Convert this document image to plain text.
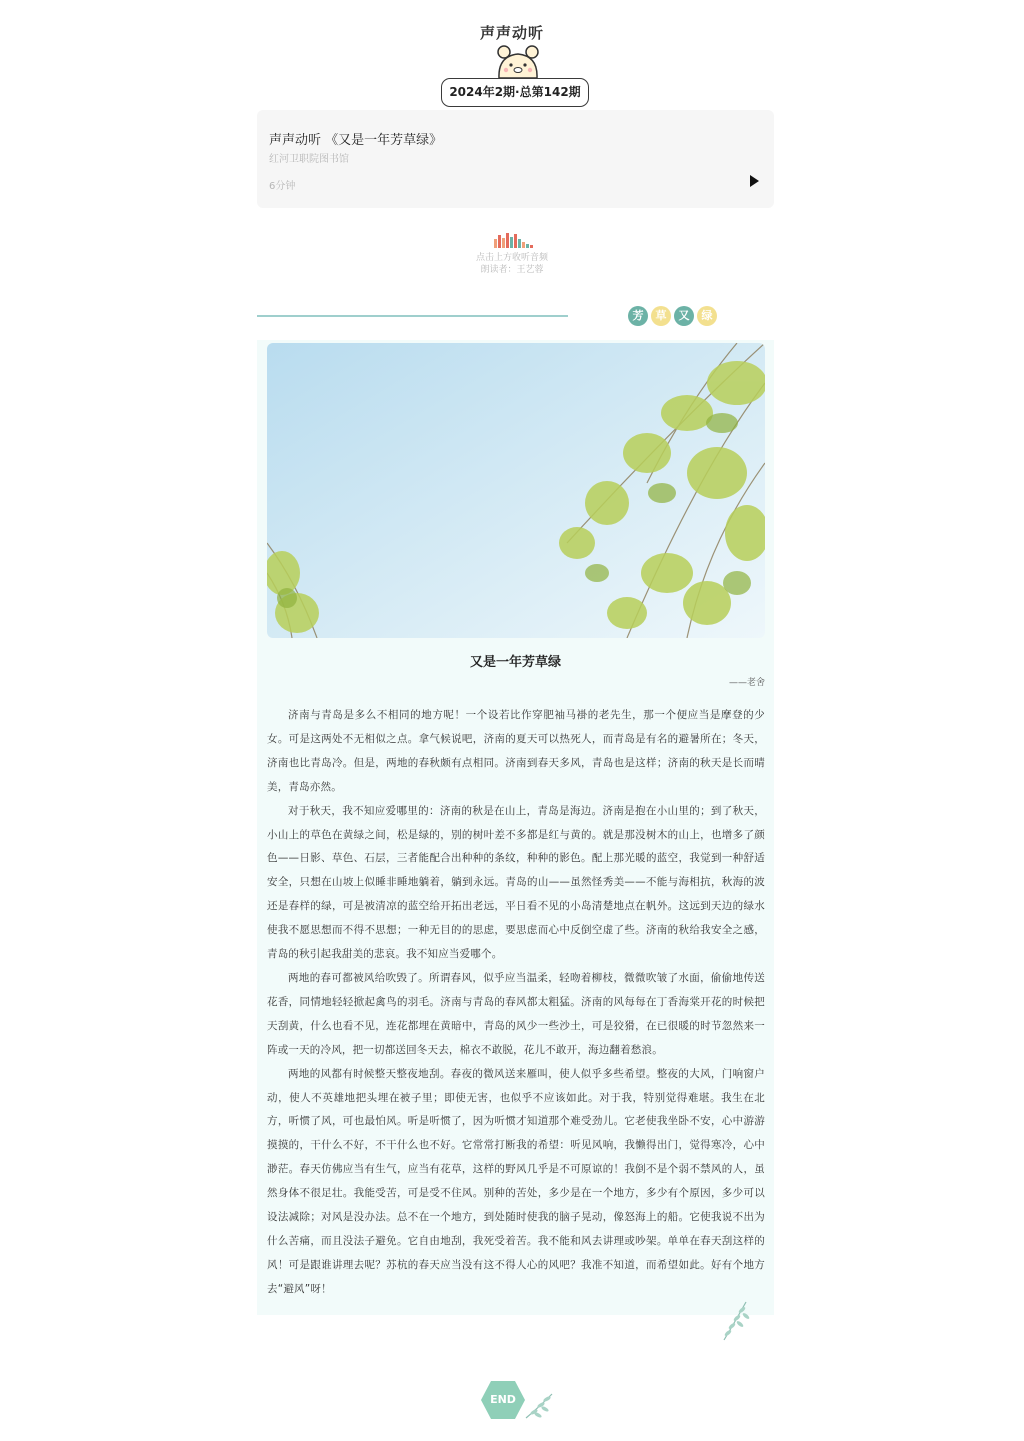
声声动听
2024年2期·总第142期
声声动听 《又是一年芳草绿》
红河卫职院图书馆
6分钟
点击上方收听音频
朗读者：王艺蓉
芳	草	又	绿
又是一年芳草绿
——老舍

济南与青岛是多么不相同的地方呢！一个设若比作穿肥袖马褂的老先生，那一个便应当是摩登的少女。可是这两处不无相似之点。拿气候说吧，济南的夏天可以热死人，而青岛是有名的避暑所在；冬天，济南也比青岛冷。但是，两地的春秋颇有点相同。济南到春天多风，青岛也是这样；济南的秋天是长而晴美，青岛亦然。

对于秋天，我不知应爱哪里的：济南的秋是在山上，青岛是海边。济南是抱在小山里的；到了秋天，小山上的草色在黄绿之间，松是绿的，别的树叶差不多都是红与黄的。就是那没树木的山上，也增多了颜色——日影、草色、石层，三者能配合出种种的条纹，种种的影色。配上那光暖的蓝空，我觉到一种舒适安全，只想在山坡上似睡非睡地躺着，躺到永远。青岛的山——虽然怪秀美——不能与海相抗，秋海的波还是春样的绿，可是被清凉的蓝空给开拓出老远，平日看不见的小岛清楚地点在帆外。这远到天边的绿水使我不愿思想而不得不思想；一种无目的的思虑，要思虑而心中反倒空虚了些。济南的秋给我安全之感，青岛的秋引起我甜美的悲哀。我不知应当爱哪个。

两地的春可都被风给吹毁了。所谓春风，似乎应当温柔，轻吻着柳枝，微微吹皱了水面，偷偷地传送花香，同情地轻轻掀起禽鸟的羽毛。济南与青岛的春风都太粗猛。济南的风每每在丁香海棠开花的时候把天刮黄，什么也看不见，连花都埋在黄暗中，青岛的风少一些沙土，可是狡猾，在已很暖的时节忽然来一阵或一天的冷风，把一切都送回冬天去，棉衣不敢脱，花儿不敢开，海边翻着愁浪。

两地的风都有时候整天整夜地刮。春夜的微风送来雁叫，使人似乎多些希望。整夜的大风，门响窗户动，使人不英雄地把头埋在被子里；即使无害，也似乎不应该如此。对于我，特别觉得难堪。我生在北方，听惯了风，可也最怕风。听是听惯了，因为听惯才知道那个难受劲儿。它老使我坐卧不安，心中游游摸摸的，干什么不好，不干什么也不好。它常常打断我的希望：听见风响，我懒得出门，觉得寒冷，心中渺茫。春天仿佛应当有生气，应当有花草，这样的野风几乎是不可原谅的！我倒不是个弱不禁风的人，虽然身体不很足壮。我能受苦，可是受不住风。别种的苦处，多少是在一个地方，多少有个原因，多少可以设法减除；对风是没办法。总不在一个地方，到处随时使我的脑子晃动，像怒海上的船。它使我说不出为什么苦痛，而且没法子避免。它自由地刮，我死受着苦。我不能和风去讲理或吵架。单单在春天刮这样的风！可是跟谁讲理去呢？苏杭的春天应当没有这不得人心的风吧？我准不知道，而希望如此。好有个地方去“避风”呀！

END
